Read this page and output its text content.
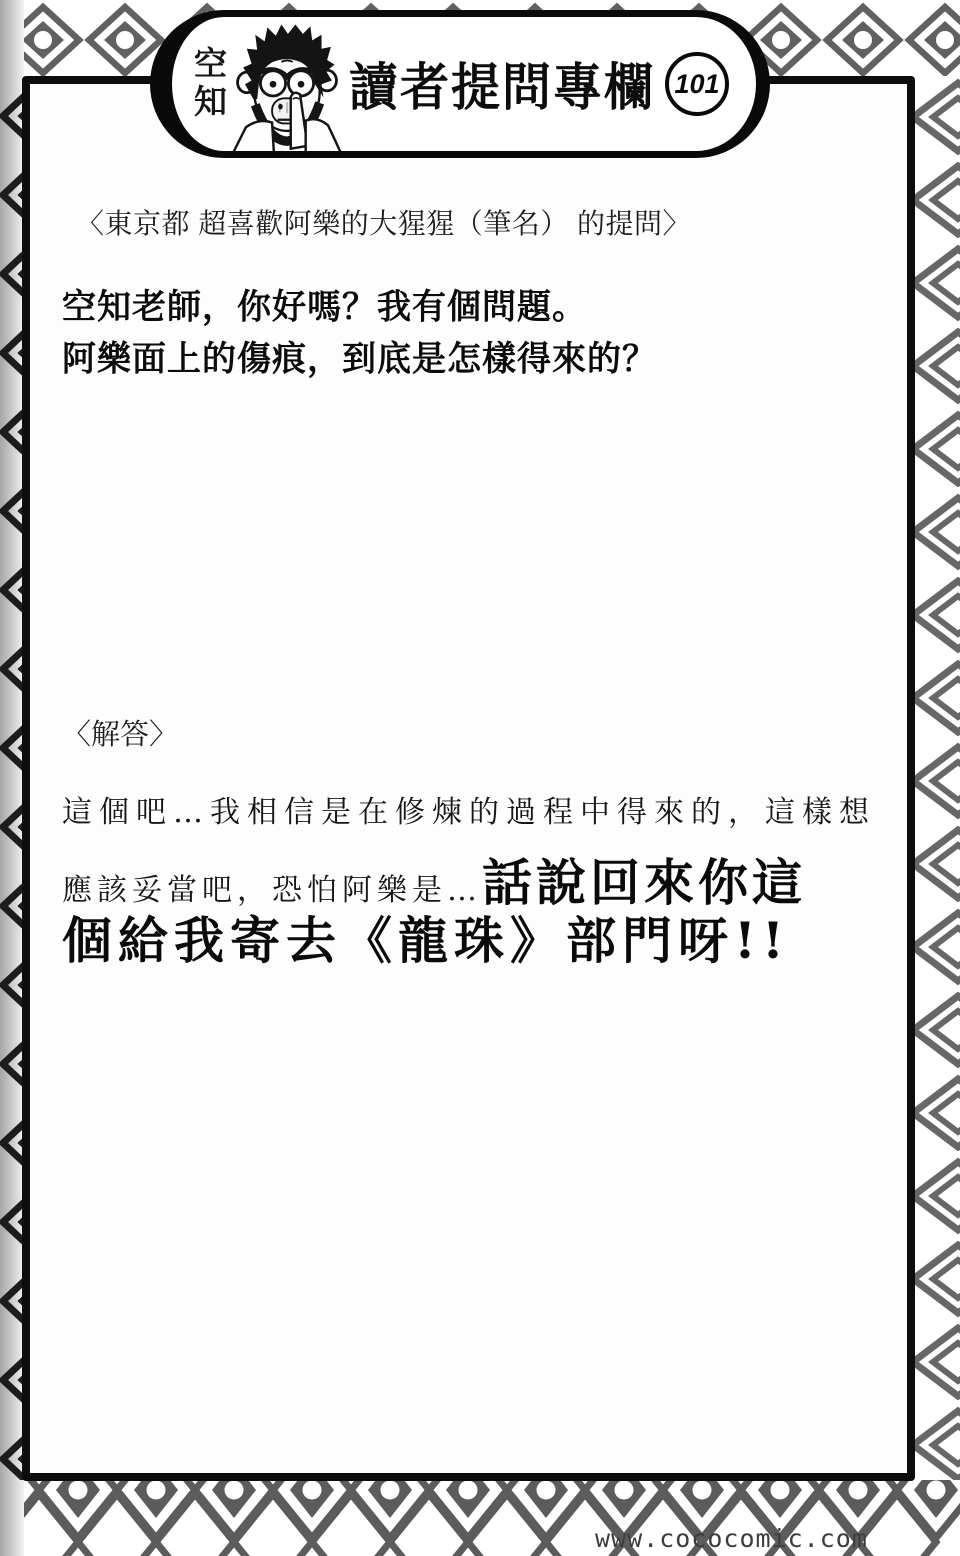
空知 讀者提問專欄 101
〈東京都 超喜歡阿樂的大猩猩（筆名） 的提問〉
空知老師，你好嗎？我有個問題。
阿樂面上的傷痕，到底是怎樣得來的？
〈解答〉
這個吧…我相信是在修煉的過程中得來的，這樣想
應該妥當吧，恐怕阿樂是…話說回來你這
個給我寄去《龍珠》部門呀!!
www.cococomic.com
